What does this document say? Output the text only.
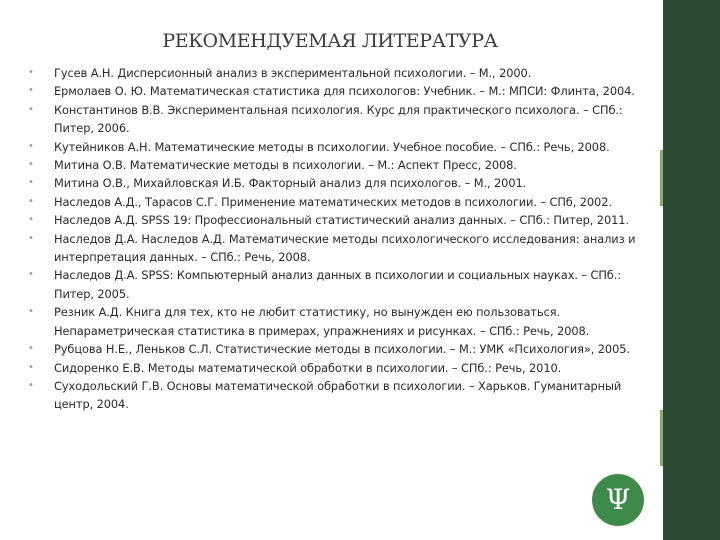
РЕКОМЕНДУЕМАЯ ЛИТЕРАТУРА
• Гусев А.Н. Дисперсионный анализ в экспериментальной психологии. – М., 2000.
• Ермолаев О. Ю. Математическая статистика для психологов: Учебник. – М.: МПСИ: Флинта, 2004.
• Константинов В.В. Экспериментальная психология. Курс для практического психолога. – СПб.: Питер, 2006.
• Кутейников А.Н. Математические методы в психологии. Учебное пособие. – СПб.: Речь, 2008.
• Митина О.В. Математические методы в психологии. – М.: Аспект Пресс, 2008.
• Митина О.В., Михайловская И.Б. Факторный анализ для психологов. – М., 2001.
• Наследов А.Д., Тарасов С.Г. Применение математических методов в психологии. – СПб, 2002.
• Наследов А.Д. SPSS 19: Профессиональный статистический анализ данных. – СПб.: Питер, 2011.
• Наследов Д.А. Наследов А.Д. Математические методы психологического исследования: анализ и интерпретация данных. – СПб.: Речь, 2008.
• Наследов Д.А. SPSS: Компьютерный анализ данных в психологии и социальных науках. – СПб.: Питер, 2005.
• Резник А.Д. Книга для тех, кто не любит статистику, но вынужден ею пользоваться. Непараметрическая статистика в примерах, упражнениях и рисунках. – СПб.: Речь, 2008.
• Рубцова Н.Е., Леньков С.Л. Статистические методы в психологии. – М.: УМК «Психология», 2005.
• Сидоренко Е.В. Методы математической обработки в психологии. – СПб.: Речь, 2010.
• Суходольский Г.В. Основы математической обработки в психологии. – Харьков. Гуманитарный центр, 2004.
Ψ
